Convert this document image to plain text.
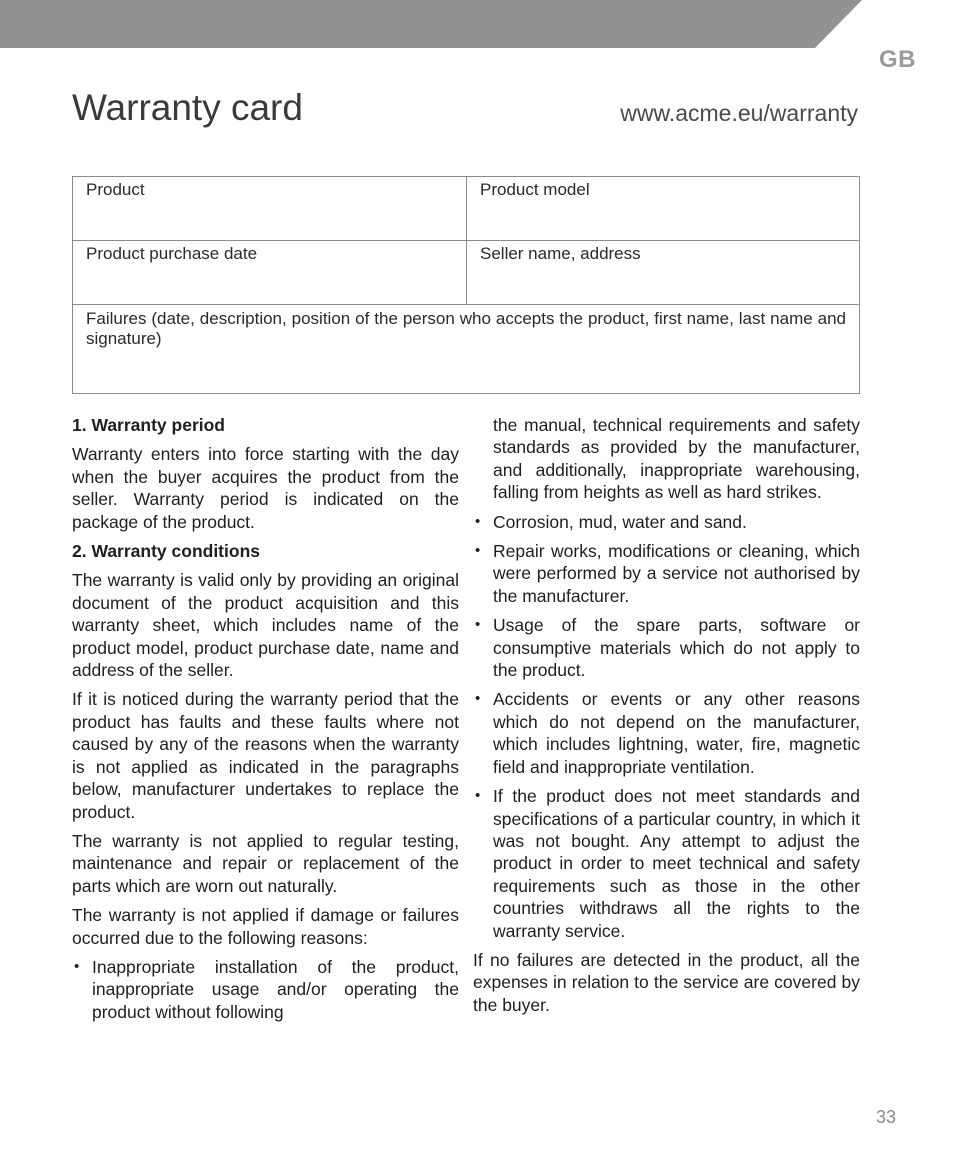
GB
Warranty card	www.acme.eu/warranty
Product	Product model
Product purchase date	Seller name, address
Failures (date, description, position of the person who accepts the product, first name, last name and signature)
1. Warranty period
Warranty enters into force starting with the day when the buyer acquires the product from the seller. Warranty period is indicated on the package of the product.
2. Warranty conditions
The warranty is valid only by providing an original document of the product acquisition and this warranty sheet, which includes name of the product model, product purchase date, name and address of the seller.
If it is noticed during the warranty period that the product has faults and these faults where not caused by any of the reasons when the warranty is not applied as indicated in the paragraphs below, manufacturer undertakes to replace the product.
The warranty is not applied to regular testing, maintenance and repair or replacement of the parts which are worn out naturally.
The warranty is not applied if damage or failures occurred due to the following reasons:
• Inappropriate installation of the product, inappropriate usage and/or operating the product without following
the manual, technical requirements and safety standards as provided by the manufacturer, and additionally, inappropriate warehousing, falling from heights as well as hard strikes.
• Corrosion, mud, water and sand.
• Repair works, modifications or cleaning, which were performed by a service not authorised by the manufacturer.
• Usage of the spare parts, software or consumptive materials which do not apply to the product.
• Accidents or events or any other reasons which do not depend on the manufacturer, which includes lightning, water, fire, magnetic field and inappropriate ventilation.
• If the product does not meet standards and specifications of a particular country, in which it was not bought. Any attempt to adjust the product in order to meet technical and safety requirements such as those in the other countries withdraws all the rights to the warranty service.
If no failures are detected in the product, all the expenses in relation to the service are covered by the buyer.
33
